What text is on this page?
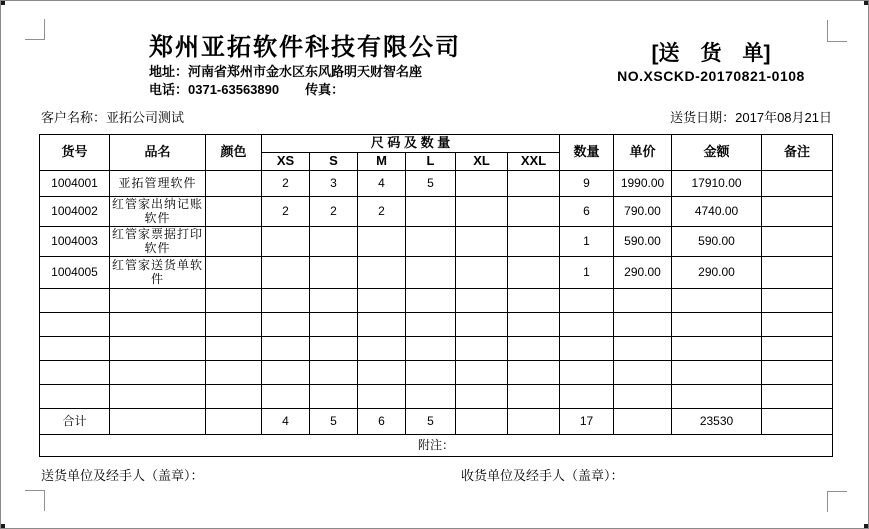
郑州亚拓软件科技有限公司
地址：河南省郑州市金水区东风路明天财智名座
电话：0371-63563890 传真：
[送　货　单]
NO.XSCKD-20170821-0108
客户名称：亚拓公司测试	送货日期：2017年08月21日
货号	品名	颜色	尺 码 及 数 量						数量	单价	金额	备注
			XS	S	M	L	XL	XXL				
1004001	亚拓管理软件		2	3	4	5			9	1990.00	17910.00	
1004002	红管家出纳记账软件		2	2	2				6	790.00	4740.00	
1004003	红管家票据打印软件								1	590.00	590.00	
1004005	红管家送货单软件								1	290.00	290.00	

合计			4	5	6	5			17		23530	
附注：												
送货单位及经手人（盖章）：	收货单位及经手人（盖章）：
